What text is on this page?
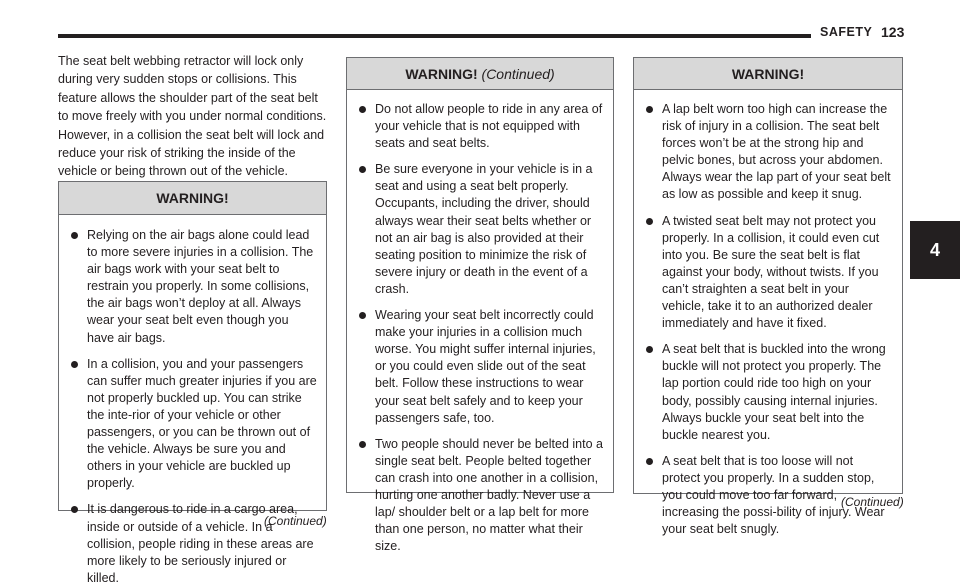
SAFETY 123
4

The seat belt webbing retractor will lock only during very sudden stops or collisions. This feature allows the shoulder part of the seat belt to move freely with you under normal conditions. However, in a collision the seat belt will lock and reduce your risk of striking the inside of the vehicle or being thrown out of the vehicle.

WARNING!
Relying on the air bags alone could lead to more severe injuries in a collision. The air bags work with your seat belt to restrain you properly. In some collisions, the air bags won’t deploy at all. Always wear your seat belt even though you have air bags.
In a collision, you and your passengers can suffer much greater injuries if you are not properly buckled up. You can strike the inte-rior of your vehicle or other passengers, or you can be thrown out of the vehicle. Always be sure you and others in your vehicle are buckled up properly.
It is dangerous to ride in a cargo area, inside or outside of a vehicle. In a collision, people riding in these areas are more likely to be seriously injured or killed.
(Continued)
WARNING! (Continued)
Do not allow people to ride in any area of your vehicle that is not equipped with seats and seat belts.
Be sure everyone in your vehicle is in a seat and using a seat belt properly. Occupants, including the driver, should always wear their seat belts whether or not an air bag is also provided at their seating position to minimize the risk of severe injury or death in the event of a crash.
Wearing your seat belt incorrectly could make your injuries in a collision much worse. You might suffer internal injuries, or you could even slide out of the seat belt. Follow these instructions to wear your seat belt safely and to keep your passengers safe, too.
Two people should never be belted into a single seat belt. People belted together can crash into one another in a collision, hurting one another badly. Never use a lap/ shoulder belt or a lap belt for more than one person, no matter what their size.
WARNING!
A lap belt worn too high can increase the risk of injury in a collision. The seat belt forces won’t be at the strong hip and pelvic bones, but across your abdomen. Always wear the lap part of your seat belt as low as possible and keep it snug.
A twisted seat belt may not protect you properly. In a collision, it could even cut into you. Be sure the seat belt is flat against your body, without twists. If you can’t straighten a seat belt in your vehicle, take it to an authorized dealer immediately and have it fixed.
A seat belt that is buckled into the wrong buckle will not protect you properly. The lap portion could ride too high on your body, possibly causing internal injuries. Always buckle your seat belt into the buckle nearest you.
A seat belt that is too loose will not protect you properly. In a sudden stop, you could move too far forward, increasing the possi-bility of injury. Wear your seat belt snugly.
(Continued)
